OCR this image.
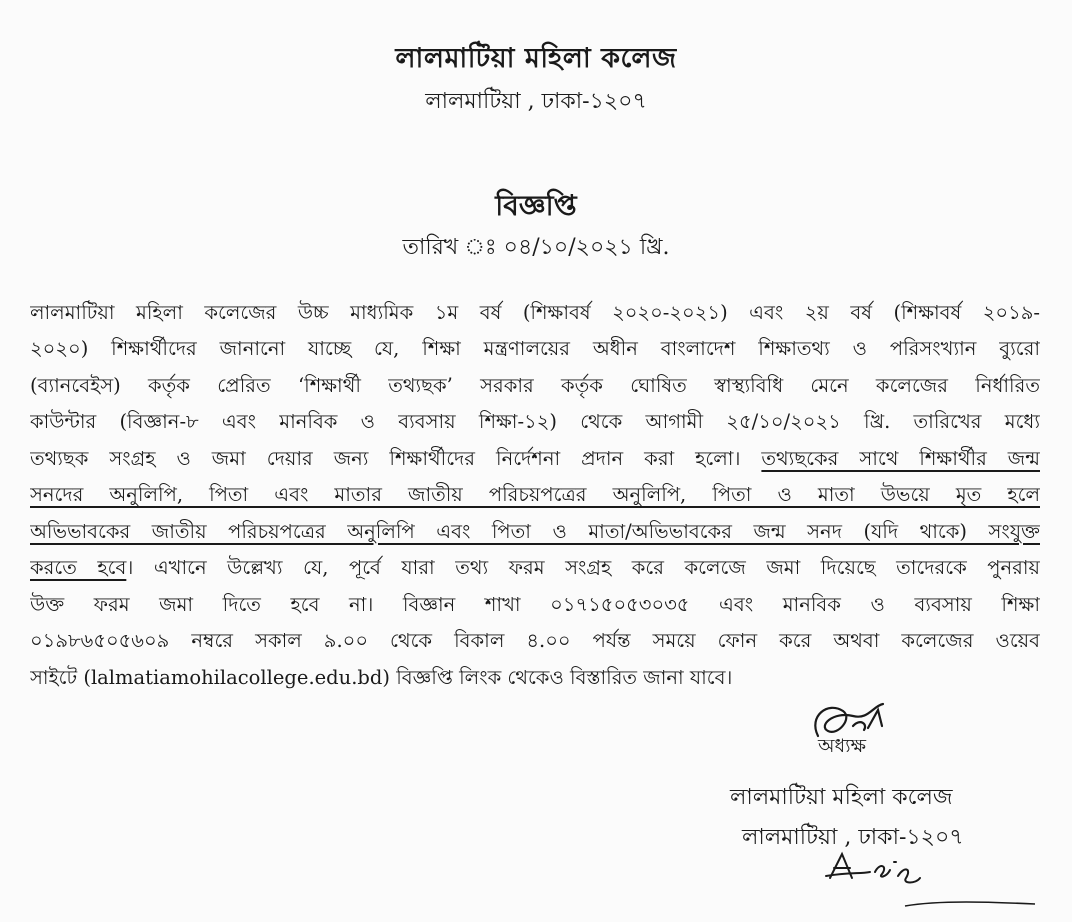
লালমাটিয়া মহিলা কলেজ
লালমাটিয়া , ঢাকা-১২০৭
বিজ্ঞপ্তি
তারিখ ঃ ০৪/১০/২০২১ খ্রি.
লালমাটিয়া মহিলা কলেজের উচ্চ মাধ্যমিক ১ম বর্ষ (শিক্ষাবর্ষ ২০২০-২০২১) এবং ২য় বর্ষ (শিক্ষাবর্ষ ২০১৯-
২০২০) শিক্ষার্থীদের জানানো যাচ্ছে যে, শিক্ষা মন্ত্রণালয়ের অধীন বাংলাদেশ শিক্ষাতথ্য ও পরিসংখ্যান ব্যুরো
(ব্যানবেইস) কর্তৃক প্রেরিত ‘শিক্ষার্থী তথ্যছক’ সরকার কর্তৃক ঘোষিত স্বাস্থ্যবিধি মেনে কলেজের নির্ধারিত
কাউন্টার (বিজ্ঞান-৮ এবং মানবিক ও ব্যবসায় শিক্ষা-১২) থেকে আগামী ২৫/১০/২০২১ খ্রি. তারিখের মধ্যে
তথ্যছক সংগ্রহ ও জমা দেয়ার জন্য শিক্ষার্থীদের নির্দেশনা প্রদান করা হলো। তথ্যছকের সাথে শিক্ষার্থীর জন্ম
সনদের অনুলিপি, পিতা এবং মাতার জাতীয় পরিচয়পত্রের অনুলিপি, পিতা ও মাতা উভয়ে মৃত হলে
অভিভাবকের জাতীয় পরিচয়পত্রের অনুলিপি এবং পিতা ও মাতা/অভিভাবকের জন্ম সনদ (যদি থাকে) সংযুক্ত
করতে হবে। এখানে উল্লেখ্য যে, পূর্বে যারা তথ্য ফরম সংগ্রহ করে কলেজে জমা দিয়েছে তাদেরকে পুনরায়
উক্ত ফরম জমা দিতে হবে না। বিজ্ঞান শাখা ০১৭১৫০৫৩০৩৫ এবং মানবিক ও ব্যবসায় শিক্ষা
০১৯৮৬৫০৫৬০৯ নম্বরে সকাল ৯.০০ থেকে বিকাল ৪.০০ পর্যন্ত সময়ে ফোন করে অথবা কলেজের ওয়েব
সাইটে (lalmatiamohilacollege.edu.bd) বিজ্ঞপ্তি লিংক থেকেও বিস্তারিত জানা যাবে।
অধ্যক্ষ
লালমাটিয়া মহিলা কলেজ
লালমাটিয়া , ঢাকা-১২০৭
